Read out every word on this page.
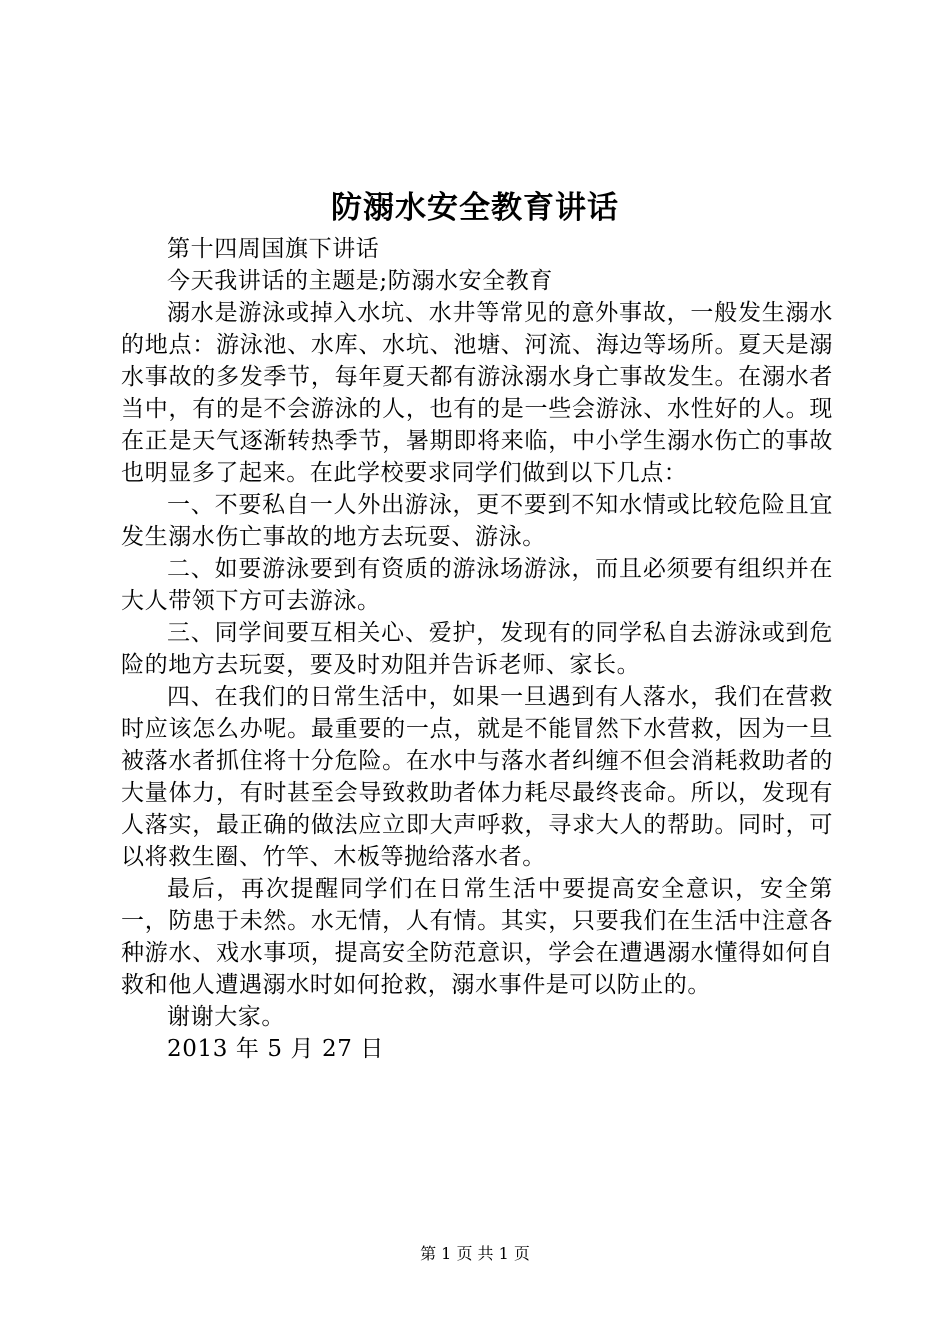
防溺水安全教育讲话

第十四周国旗下讲话

今天我讲话的主题是;防溺水安全教育

溺水是游泳或掉入水坑、水井等常见的意外事故，一般发生溺水的地点：游泳池、水库、水坑、池塘、河流、海边等场所。夏天是溺水事故的多发季节，每年夏天都有游泳溺水身亡事故发生。在溺水者当中，有的是不会游泳的人，也有的是一些会游泳、水性好的人。现在正是天气逐渐转热季节，暑期即将来临，中小学生溺水伤亡的事故也明显多了起来。在此学校要求同学们做到以下几点：

一、不要私自一人外出游泳，更不要到不知水情或比较危险且宜发生溺水伤亡事故的地方去玩耍、游泳。

二、如要游泳要到有资质的游泳场游泳，而且必须要有组织并在大人带领下方可去游泳。

三、同学间要互相关心、爱护，发现有的同学私自去游泳或到危险的地方去玩耍，要及时劝阻并告诉老师、家长。

四、在我们的日常生活中，如果一旦遇到有人落水，我们在营救时应该怎么办呢。最重要的一点，就是不能冒然下水营救，因为一旦被落水者抓住将十分危险。在水中与落水者纠缠不但会消耗救助者的大量体力，有时甚至会导致救助者体力耗尽最终丧命。所以，发现有人落实，最正确的做法应立即大声呼救，寻求大人的帮助。同时，可以将救生圈、竹竿、木板等抛给落水者。

最后，再次提醒同学们在日常生活中要提高安全意识，安全第一，防患于未然。水无情，人有情。其实，只要我们在生活中注意各种游水、戏水事项，提高安全防范意识，学会在遭遇溺水懂得如何自救和他人遭遇溺水时如何抢救，溺水事件是可以防止的。

谢谢大家。

2013 年 5 月 27 日

第 1 页 共 1 页
